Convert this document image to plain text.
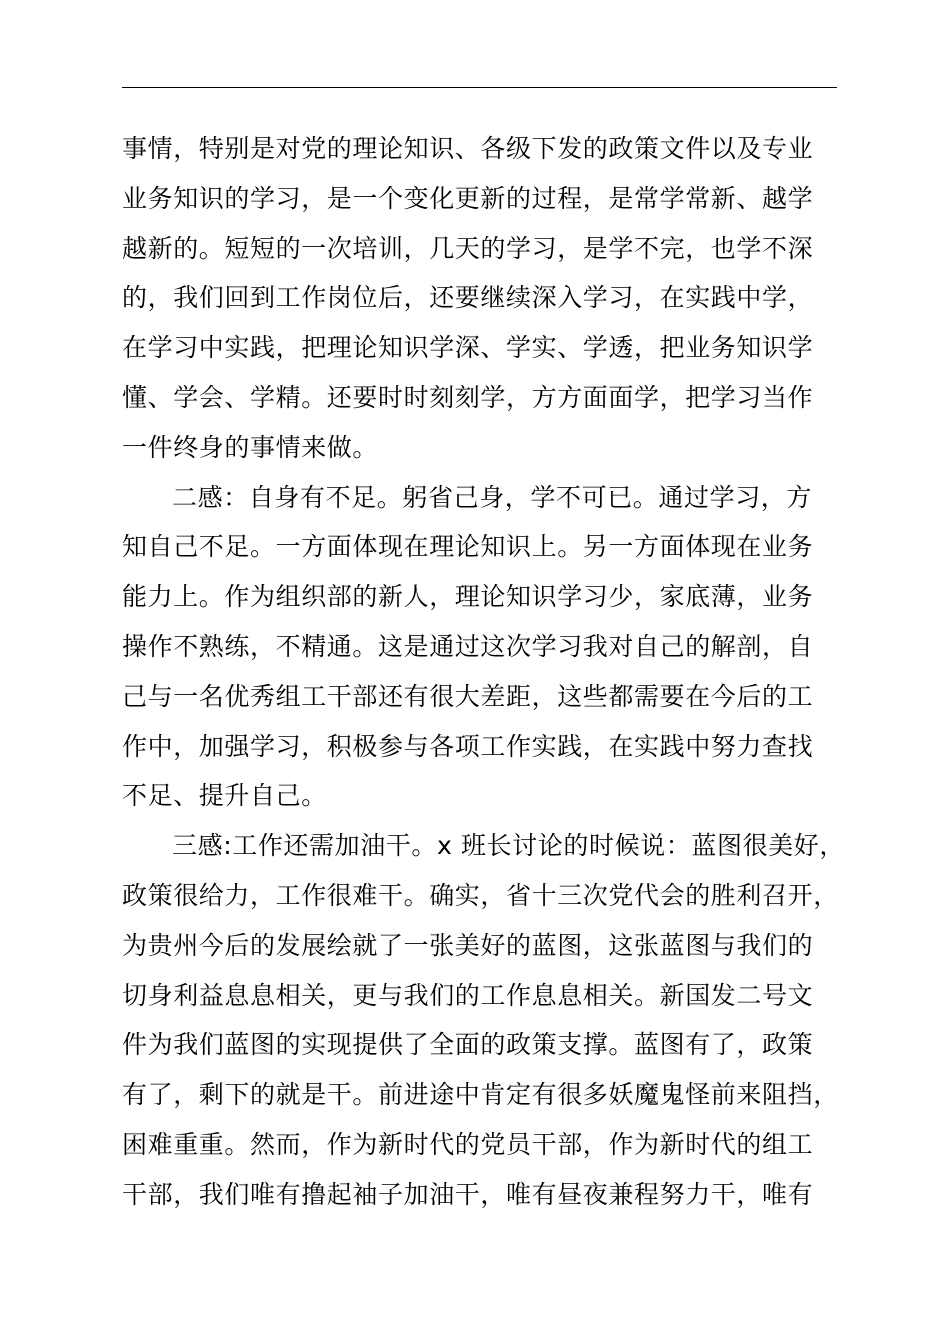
事情，特别是对党的理论知识、各级下发的政策文件以及专业
业务知识的学习，是一个变化更新的过程，是常学常新、越学
越新的。短短的一次培训，几天的学习，是学不完，也学不深
的，我们回到工作岗位后，还要继续深入学习，在实践中学，
在学习中实践，把理论知识学深、学实、学透，把业务知识学
懂、学会、学精。还要时时刻刻学，方方面面学，把学习当作
一件终身的事情来做。
二感：自身有不足。躬省己身，学不可已。通过学习，方
知自己不足。一方面体现在理论知识上。另一方面体现在业务
能力上。作为组织部的新人，理论知识学习少，家底薄，业务
操作不熟练，不精通。这是通过这次学习我对自己的解剖，自
己与一名优秀组工干部还有很大差距，这些都需要在今后的工
作中，加强学习，积极参与各项工作实践，在实践中努力查找
不足、提升自己。
三感:工作还需加油干。x 班长讨论的时候说：蓝图很美好，
政策很给力，工作很难干。确实，省十三次党代会的胜利召开，
为贵州今后的发展绘就了一张美好的蓝图，这张蓝图与我们的
切身利益息息相关，更与我们的工作息息相关。新国发二号文
件为我们蓝图的实现提供了全面的政策支撑。蓝图有了，政策
有了，剩下的就是干。前进途中肯定有很多妖魔鬼怪前来阻挡，
困难重重。然而，作为新时代的党员干部，作为新时代的组工
干部，我们唯有撸起袖子加油干，唯有昼夜兼程努力干，唯有
